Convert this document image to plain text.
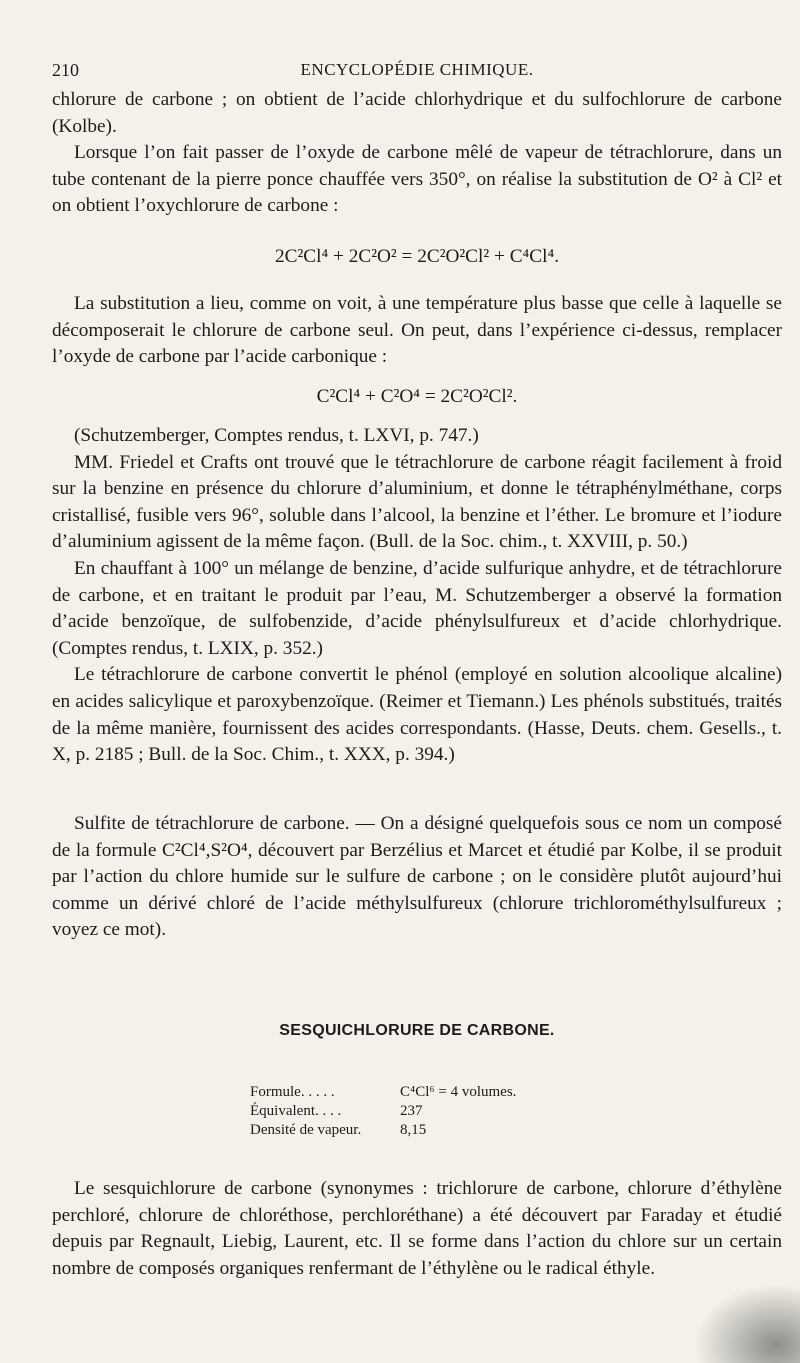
210	ENCYCLOPÉDIE CHIMIQUE.

chlorure de carbone ; on obtient de l’acide chlorhydrique et du sulfochlorure de carbone (Kolbe).

Lorsque l’on fait passer de l’oxyde de carbone mêlé de vapeur de tétrachlorure, dans un tube contenant de la pierre ponce chauffée vers 350°, on réalise la substitution de O² à Cl² et on obtient l’oxychlorure de carbone :

2C²Cl⁴ + 2C²O² = 2C²O²Cl² + C⁴Cl⁴.

La substitution a lieu, comme on voit, à une température plus basse que celle à laquelle se décomposerait le chlorure de carbone seul. On peut, dans l’expérience ci-dessus, remplacer l’oxyde de carbone par l’acide carbonique :

C²Cl⁴ + C²O⁴ = 2C²O²Cl².

(Schutzemberger, Comptes rendus, t. LXVI, p. 747.)

MM. Friedel et Crafts ont trouvé que le tétrachlorure de carbone réagit facilement à froid sur la benzine en présence du chlorure d’aluminium, et donne le tétraphénylméthane, corps cristallisé, fusible vers 96°, soluble dans l’alcool, la benzine et l’éther. Le bromure et l’iodure d’aluminium agissent de la même façon. (Bull. de la Soc. chim., t. XXVIII, p. 50.)

En chauffant à 100° un mélange de benzine, d’acide sulfurique anhydre, et de tétrachlorure de carbone, et en traitant le produit par l’eau, M. Schutzemberger a observé la formation d’acide benzoïque, de sulfobenzide, d’acide phénylsulfureux et d’acide chlorhydrique. (Comptes rendus, t. LXIX, p. 352.)

Le tétrachlorure de carbone convertit le phénol (employé en solution alcoolique alcaline) en acides salicylique et paroxybenzoïque. (Reimer et Tiemann.) Les phénols substitués, traités de la même manière, fournissent des acides correspondants. (Hasse, Deuts. chem. Gesells., t. X, p. 2185 ; Bull. de la Soc. Chim., t. XXX, p. 394.)

Sulfite de tétrachlorure de carbone. — On a désigné quelquefois sous ce nom un composé de la formule C²Cl⁴,S²O⁴, découvert par Berzélius et Marcet et étudié par Kolbe, il se produit par l’action du chlore humide sur le sulfure de carbone ; on le considère plutôt aujourd’hui comme un dérivé chloré de l’acide méthylsulfureux (chlorure trichlorométhylsulfureux ; voyez ce mot).

SESQUICHLORURE DE CARBONE.
Formule. . . . .	C⁴Cl⁶ = 4 volumes.
Équivalent. . . .	237
Densité de vapeur.	8,15

Le sesquichlorure de carbone (synonymes : trichlorure de carbone, chlorure d’éthylène perchloré, chlorure de chloréthose, perchloréthane) a été découvert par Faraday et étudié depuis par Regnault, Liebig, Laurent, etc. Il se forme dans l’action du chlore sur un certain nombre de composés organiques renfermant de l’éthylène ou le radical éthyle.
